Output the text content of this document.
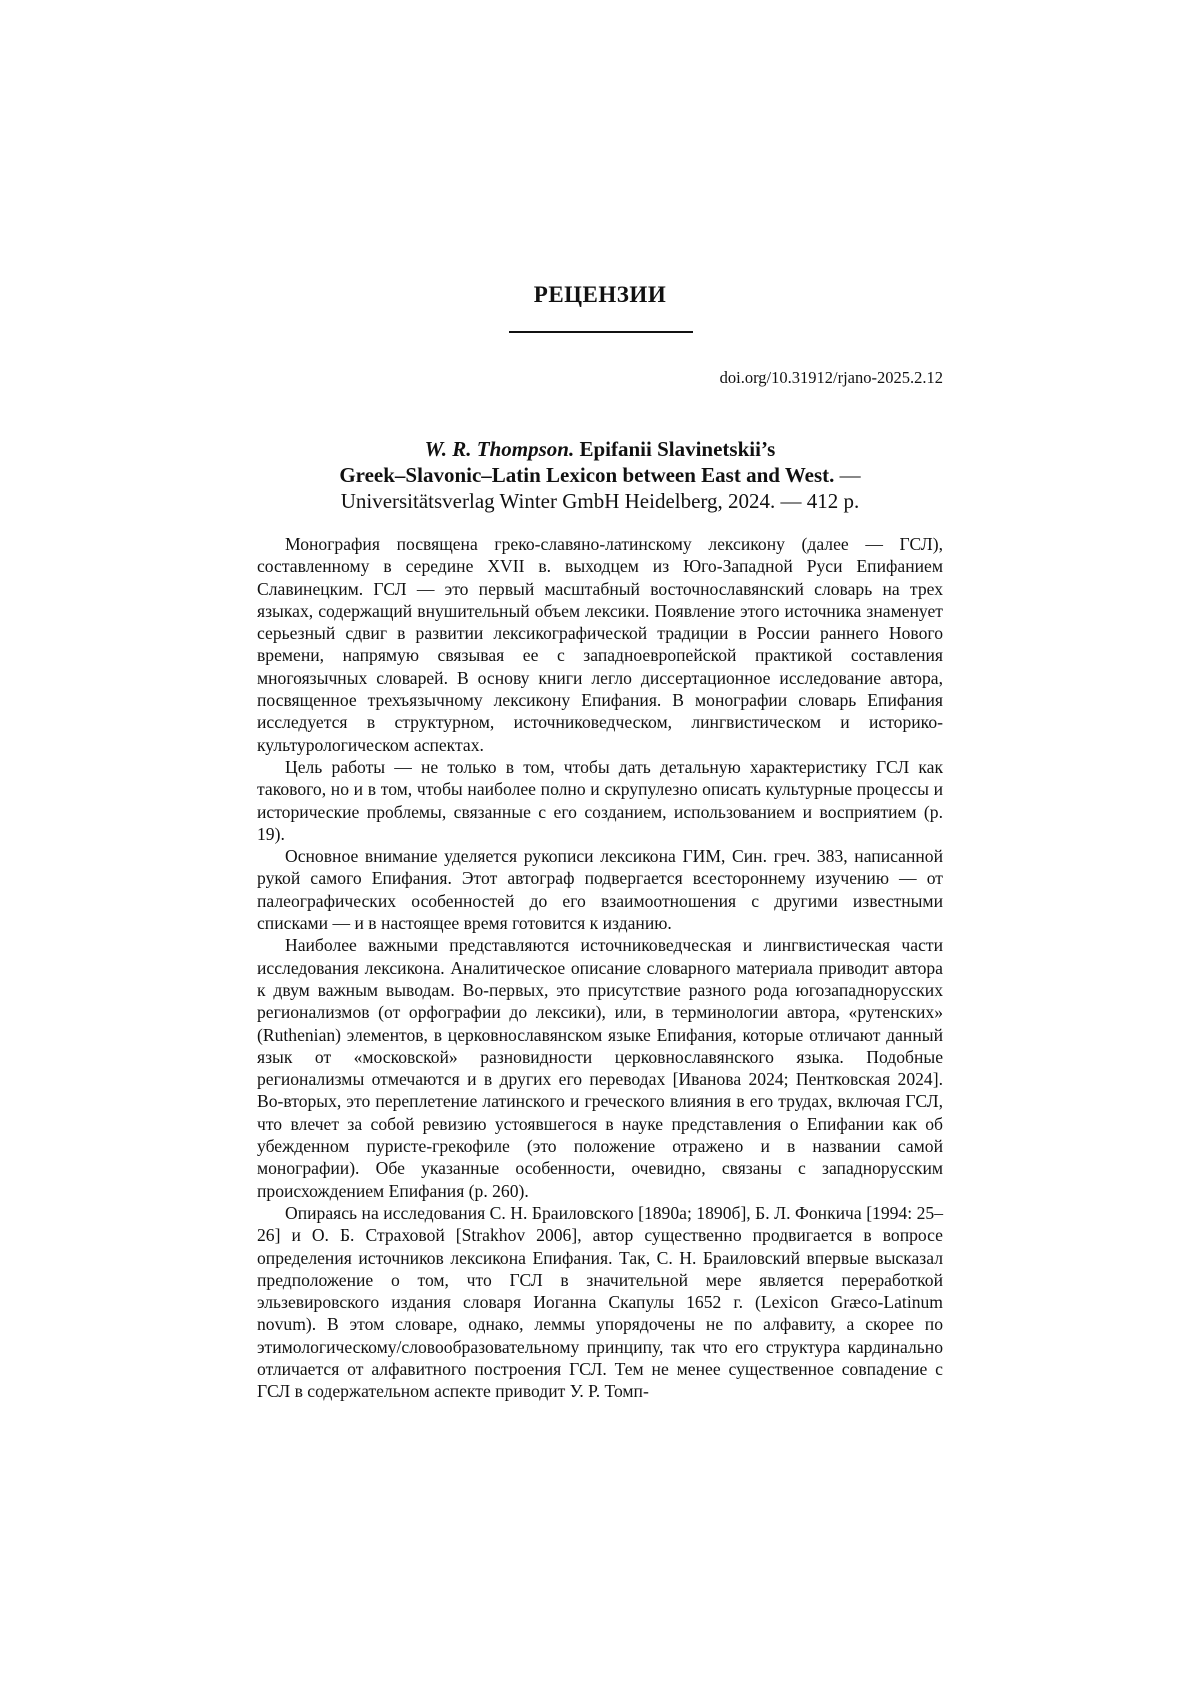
РЕЦЕНЗИИ
doi.org/10.31912/rjano-2025.2.12
W. R. Thompson. Epifanii Slavinetskii’s
Greek–Slavonic–Latin Lexicon between East and West. —
Universitätsverlag Winter GmbH Heidelberg, 2024. — 412 p.

Монография посвящена греко-славяно-латинскому лексикону (далее — ГСЛ), составленному в середине XVII в. выходцем из Юго-Западной Руси Епифанием Славинецким. ГСЛ — это первый масштабный восточнославянский словарь на трех языках, содержащий внушительный объем лексики. Появление этого источника знаменует серьезный сдвиг в развитии лексикографической традиции в России раннего Нового времени, напрямую связывая ее с западноевропейской практикой составления многоязычных словарей. В основу книги легло диссертационное исследование автора, посвященное трехъязычному лексикону Епифания. В монографии словарь Епифания исследуется в структурном, источниковедческом, лингвистическом и историко-культурологическом аспектах.

Цель работы — не только в том, чтобы дать детальную характеристику ГСЛ как такового, но и в том, чтобы наиболее полно и скрупулезно описать культурные процессы и исторические проблемы, связанные с его созданием, использованием и восприятием (p. 19).

Основное внимание уделяется рукописи лексикона ГИМ, Син. греч. 383, написанной рукой самого Епифания. Этот автограф подвергается всестороннему изучению — от палеографических особенностей до его взаимоотношения с другими известными списками — и в настоящее время готовится к изданию.

Наиболее важными представляются источниковедческая и лингвистическая части исследования лексикона. Аналитическое описание словарного материала приводит автора к двум важным выводам. Во-первых, это присутствие разного рода югозападнорусских регионализмов (от орфографии до лексики), или, в терминологии автора, «рутенских» (Ruthenian) элементов, в церковнославянском языке Епифания, которые отличают данный язык от «московской» разновидности церковнославянского языка. Подобные регионализмы отмечаются и в других его переводах [Иванова 2024; Пентковская 2024]. Во-вторых, это переплетение латинского и греческого влияния в его трудах, включая ГСЛ, что влечет за собой ревизию устоявшегося в науке представления о Епифании как об убежденном пуристе-грекофиле (это положение отражено и в названии самой монографии). Обе указанные особенности, очевидно, связаны с западнорусским происхождением Епифания (p. 260).

Опираясь на исследования С. Н. Браиловского [1890а; 1890б], Б. Л. Фонкича [1994: 25–26] и О. Б. Страховой [Strakhov 2006], автор существенно продвигается в вопросе определения источников лексикона Епифания. Так, С. Н. Браиловский впервые высказал предположение о том, что ГСЛ в значительной мере является переработкой эльзевировского издания словаря Иоганна Скапулы 1652 г. (Lexicon Græco-Latinum novum). В этом словаре, однако, леммы упорядочены не по алфавиту, а скорее по этимологическому/словообразовательному принципу, так что его структура кардинально отличается от алфавитного построения ГСЛ. Тем не менее существенное совпадение с ГСЛ в содержательном аспекте приводит У. Р. Томп-
